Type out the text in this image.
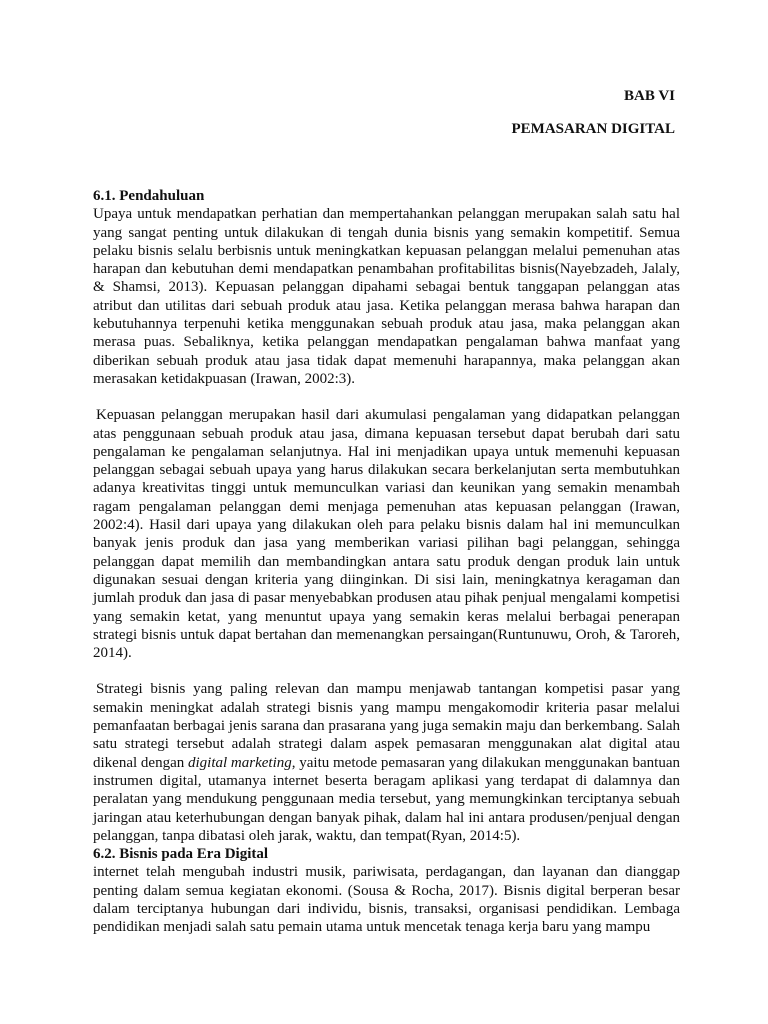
BAB VI
PEMASARAN DIGITAL

6.1. Pendahuluan

Upaya untuk mendapatkan perhatian dan mempertahankan pelanggan merupakan salah satu hal yang sangat penting untuk dilakukan di tengah dunia bisnis yang semakin kompetitif. Semua pelaku bisnis selalu berbisnis untuk meningkatkan kepuasan pelanggan melalui pemenuhan atas harapan dan kebutuhan demi mendapatkan penambahan profitabilitas bisnis(Nayebzadeh, Jalaly, & Shamsi, 2013). Kepuasan pelanggan dipahami sebagai bentuk tanggapan pelanggan atas atribut dan utilitas dari sebuah produk atau jasa. Ketika pelanggan merasa bahwa harapan dan kebutuhannya terpenuhi ketika menggunakan sebuah produk atau jasa, maka pelanggan akan merasa puas. Sebaliknya, ketika pelanggan mendapatkan pengalaman bahwa manfaat yang diberikan sebuah produk atau jasa tidak dapat memenuhi harapannya, maka pelanggan akan merasakan ketidakpuasan (Irawan, 2002:3).

Kepuasan pelanggan merupakan hasil dari akumulasi pengalaman yang didapatkan pelanggan atas penggunaan sebuah produk atau jasa, dimana kepuasan tersebut dapat berubah dari satu pengalaman ke pengalaman selanjutnya. Hal ini menjadikan upaya untuk memenuhi kepuasan pelanggan sebagai sebuah upaya yang harus dilakukan secara berkelanjutan serta membutuhkan adanya kreativitas tinggi untuk memunculkan variasi dan keunikan yang semakin menambah ragam pengalaman pelanggan demi menjaga pemenuhan atas kepuasan pelanggan (Irawan, 2002:4). Hasil dari upaya yang dilakukan oleh para pelaku bisnis dalam hal ini memunculkan banyak jenis produk dan jasa yang memberikan variasi pilihan bagi pelanggan, sehingga pelanggan dapat memilih dan membandingkan antara satu produk dengan produk lain untuk digunakan sesuai dengan kriteria yang diinginkan. Di sisi lain, meningkatnya keragaman dan jumlah produk dan jasa di pasar menyebabkan produsen atau pihak penjual mengalami kompetisi yang semakin ketat, yang menuntut upaya yang semakin keras melalui berbagai penerapan strategi bisnis untuk dapat bertahan dan memenangkan persaingan(Runtunuwu, Oroh, & Taroreh, 2014).

Strategi bisnis yang paling relevan dan mampu menjawab tantangan kompetisi pasar yang semakin meningkat adalah strategi bisnis yang mampu mengakomodir kriteria pasar melalui pemanfaatan berbagai jenis sarana dan prasarana yang juga semakin maju dan berkembang. Salah satu strategi tersebut adalah strategi dalam aspek pemasaran menggunakan alat digital atau dikenal dengan digital marketing, yaitu metode pemasaran yang dilakukan menggunakan bantuan instrumen digital, utamanya internet beserta beragam aplikasi yang terdapat di dalamnya dan peralatan yang mendukung penggunaan media tersebut, yang memungkinkan terciptanya sebuah jaringan atau keterhubungan dengan banyak pihak, dalam hal ini antara produsen/penjual dengan pelanggan, tanpa dibatasi oleh jarak, waktu, dan tempat(Ryan, 2014:5).

6.2. Bisnis pada Era Digital

internet telah mengubah industri musik, pariwisata, perdagangan, dan layanan dan dianggap penting dalam semua kegiatan ekonomi. (Sousa & Rocha, 2017). Bisnis digital berperan besar dalam terciptanya hubungan dari individu, bisnis, transaksi, organisasi pendidikan. Lembaga pendidikan menjadi salah satu pemain utama untuk mencetak tenaga kerja baru yang mampu
